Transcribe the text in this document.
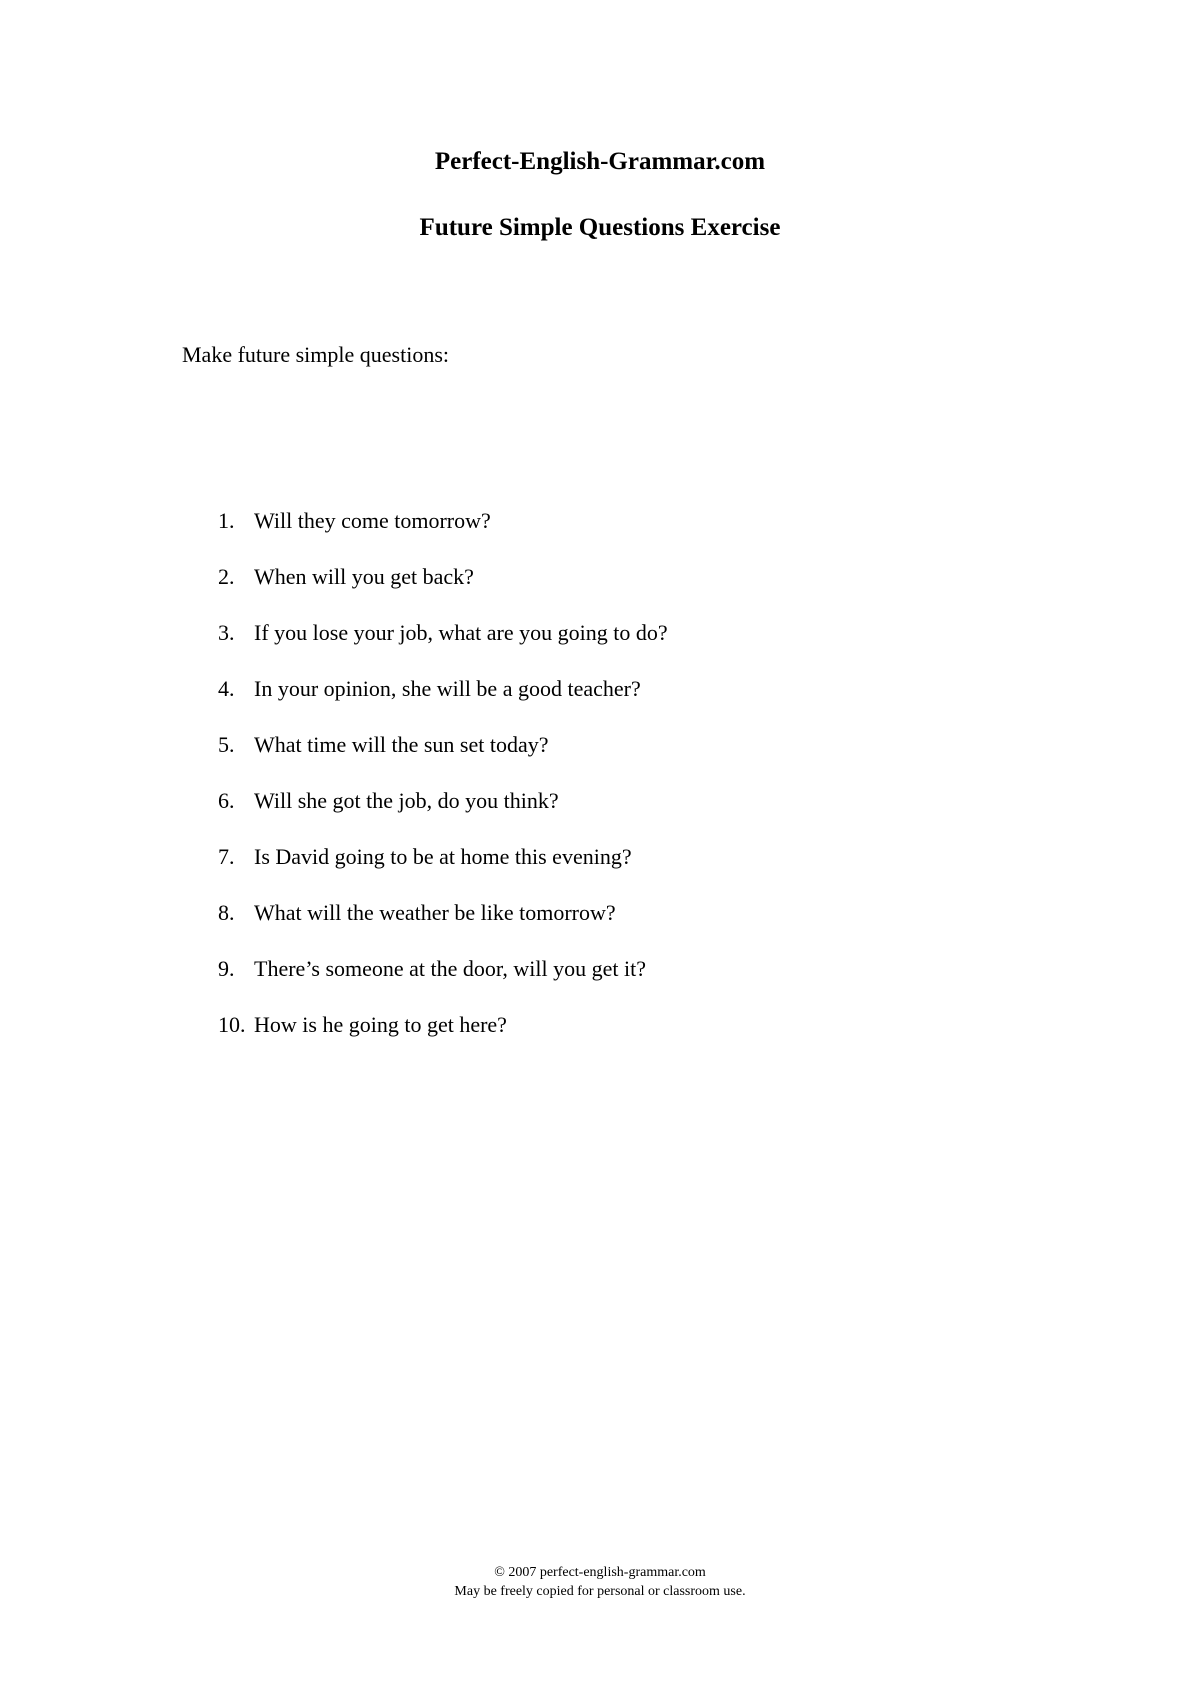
Perfect-English-Grammar.com
Future Simple Questions Exercise

Make future simple questions:

1. Will they come tomorrow?
2. When will you get back?
3. If you lose your job, what are you going to do?
4. In your opinion, she will be a good teacher?
5. What time will the sun set today?
6. Will she got the job, do you think?
7. Is David going to be at home this evening?
8. What will the weather be like tomorrow?
9. There’s someone at the door, will you get it?
10. How is he going to get here?
© 2007 perfect-english-grammar.com
May be freely copied for personal or classroom use.
